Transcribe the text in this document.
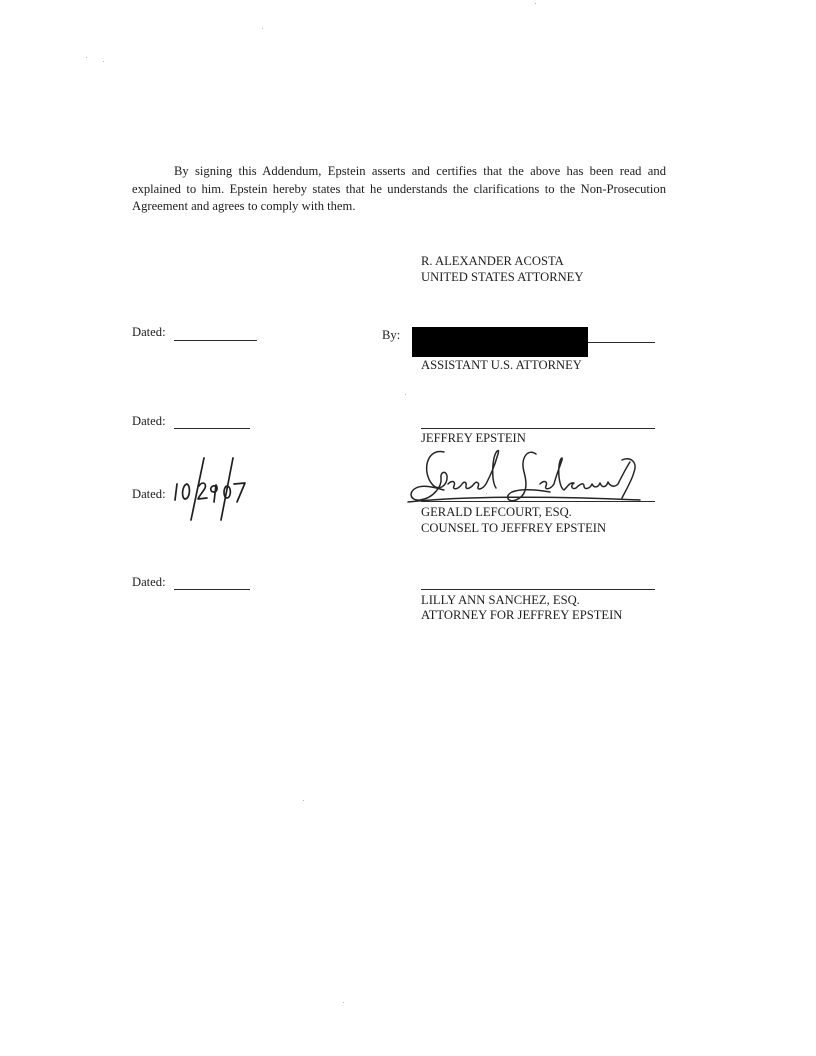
By signing this Addendum, Epstein asserts and certifies that the above has been read and explained to him. Epstein hereby states that he understands the clarifications to the Non-Prosecution Agreement and agrees to comply with them.

R. ALEXANDER ACOSTA
UNITED STATES ATTORNEY
Dated:	By:
ASSISTANT U.S. ATTORNEY
Dated:
JEFFREY EPSTEIN
Dated:
GERALD LEFCOURT, ESQ.
COUNSEL TO JEFFREY EPSTEIN
Dated:
LILLY ANN SANCHEZ, ESQ.
ATTORNEY FOR JEFFREY EPSTEIN
